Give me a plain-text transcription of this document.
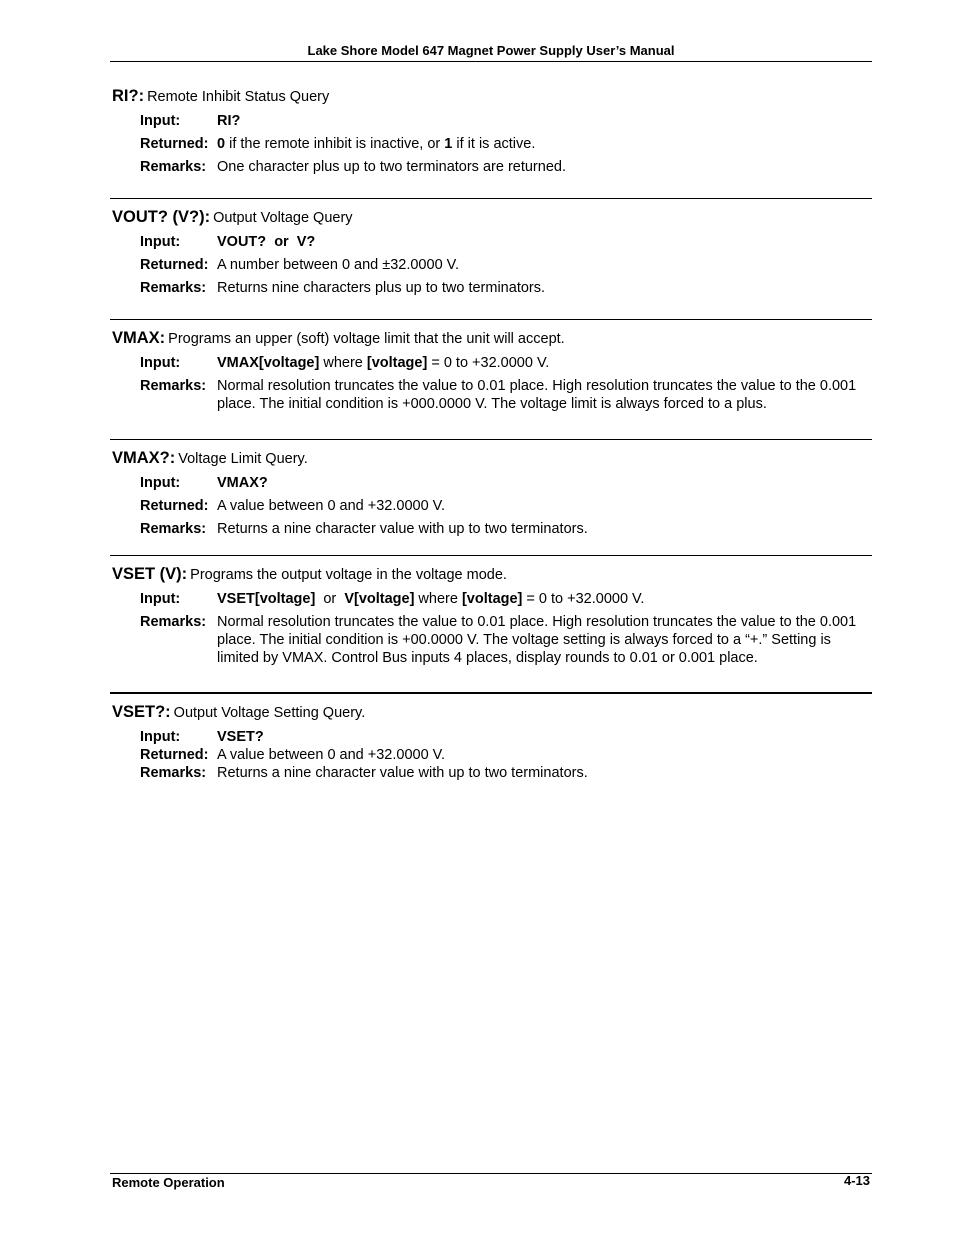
Lake Shore Model 647 Magnet Power Supply User’s Manual
RI?: Remote Inhibit Status Query
Input:	RI?
Returned: 0 if the remote inhibit is inactive, or 1 if it is active.
Remarks: One character plus up to two terminators are returned.
VOUT? (V?): Output Voltage Query
Input:	VOUT?  or  V?
Returned: A number between 0 and ±32.0000 V.
Remarks: Returns nine characters plus up to two terminators.
VMAX: Programs an upper (soft) voltage limit that the unit will accept.
Input:	VMAX[voltage] where [voltage] = 0 to +32.0000 V.
Remarks: Normal resolution truncates the value to 0.01 place. High resolution truncates the value to the 0.001 place. The initial condition is +000.0000 V. The voltage limit is always forced to a plus.
VMAX?: Voltage Limit Query.
Input:	VMAX?
Returned: A value between 0 and +32.0000 V.
Remarks: Returns a nine character value with up to two terminators.
VSET (V): Programs the output voltage in the voltage mode.
Input:	VSET[voltage]  or  V[voltage] where [voltage] = 0 to +32.0000 V.
Remarks: Normal resolution truncates the value to 0.01 place. High resolution truncates the value to the 0.001 place. The initial condition is +00.0000 V. The voltage setting is always forced to a “+.” Setting is limited by VMAX. Control Bus inputs 4 places, display rounds to 0.01 or 0.001 place.
VSET?: Output Voltage Setting Query.
Input:	VSET?
Returned: A value between 0 and +32.0000 V.
Remarks: Returns a nine character value with up to two terminators.
Remote Operation	4-13
